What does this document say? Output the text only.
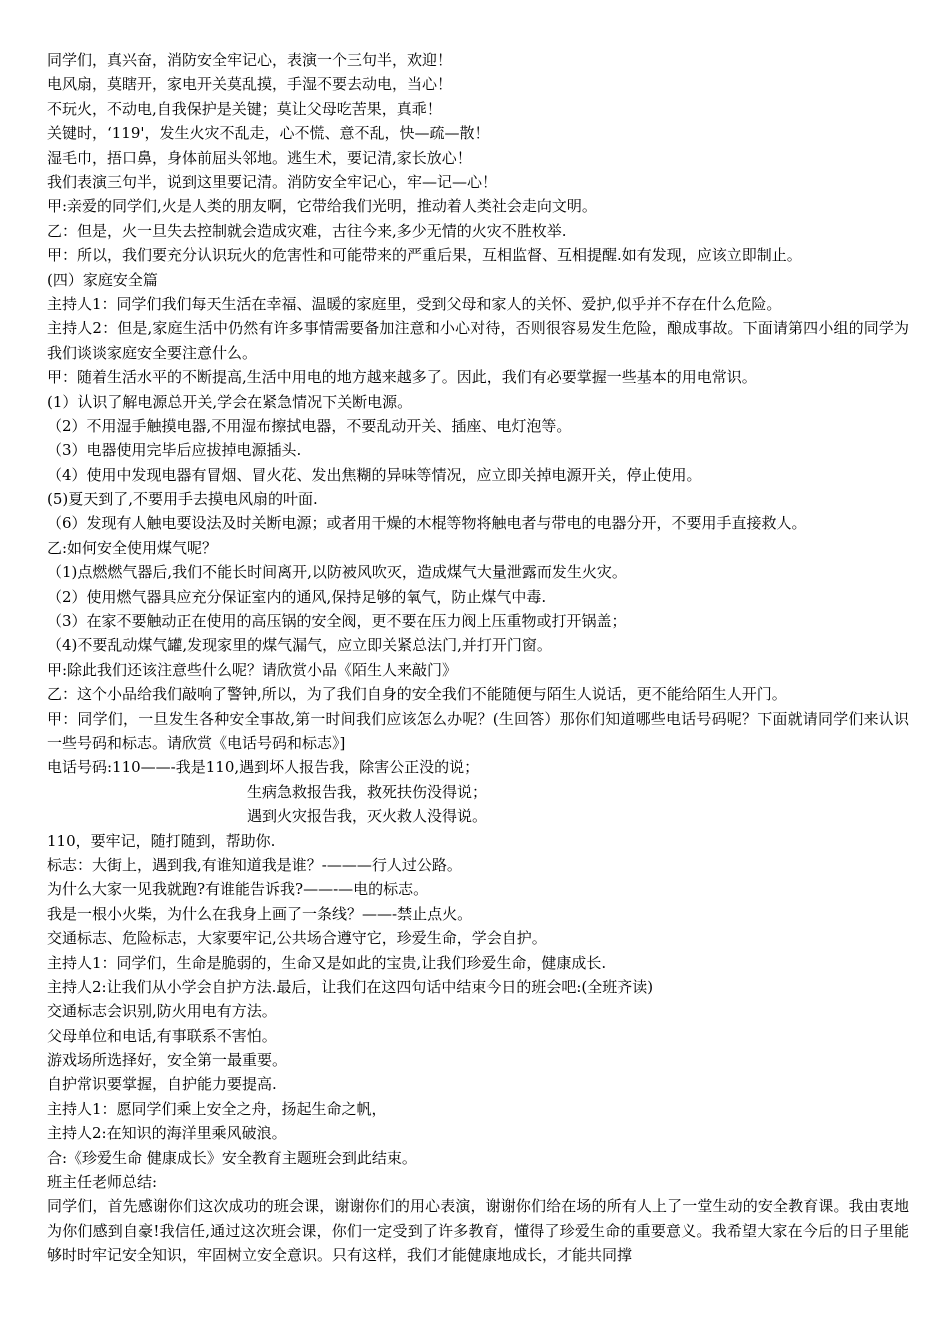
同学们，真兴奋，消防安全牢记心，表演一个三句半，欢迎！
电风扇，莫瞎开，家电开关莫乱摸，手湿不要去动电，当心！
不玩火，不动电,自我保护是关键；莫让父母吃苦果，真乖！
关键时，‘119'，发生火灾不乱走，心不慌、意不乱，快—疏—散！
湿毛巾，捂口鼻，身体前屈头邻地。逃生术，要记清,家长放心！
我们表演三句半，说到这里要记清。消防安全牢记心，牢—记—心！
甲:亲爱的同学们,火是人类的朋友啊，它带给我们光明，推动着人类社会走向文明。
乙：但是，火一旦失去控制就会造成灾难，古往今来,多少无情的火灾不胜枚举.
甲：所以，我们要充分认识玩火的危害性和可能带来的严重后果，互相监督、互相提醒.如有发现，应该立即制止。
(四）家庭安全篇
主持人1：同学们我们每天生活在幸福、温暖的家庭里，受到父母和家人的关怀、爱护,似乎并不存在什么危险。
主持人2：但是,家庭生活中仍然有许多事情需要备加注意和小心对待，否则很容易发生危险，酿成事故。下面请第四小组的同学为我们谈谈家庭安全要注意什么。
甲：随着生活水平的不断提高,生活中用电的地方越来越多了。因此，我们有必要掌握一些基本的用电常识。
(1）认识了解电源总开关,学会在紧急情况下关断电源。
（2）不用湿手触摸电器,不用湿布擦拭电器，不要乱动开关、插座、电灯泡等。
（3）电器使用完毕后应拔掉电源插头.
（4）使用中发现电器有冒烟、冒火花、发出焦糊的异味等情况，应立即关掉电源开关，停止使用。
(5)夏天到了,不要用手去摸电风扇的叶面.
（6）发现有人触电要设法及时关断电源；或者用干燥的木棍等物将触电者与带电的电器分开，不要用手直接救人。
乙:如何安全使用煤气呢？
（1)点燃燃气器后,我们不能长时间离开,以防被风吹灭，造成煤气大量泄露而发生火灾。
（2）使用燃气器具应充分保证室内的通风,保持足够的氧气，防止煤气中毒.
（3）在家不要触动正在使用的高压锅的安全阀，更不要在压力阀上压重物或打开锅盖；
（4)不要乱动煤气罐,发现家里的煤气漏气，应立即关紧总法门,并打开门窗。
甲:除此我们还该注意些什么呢？请欣赏小品《陌生人来敲门》
乙：这个小品给我们敲响了警钟,所以，为了我们自身的安全我们不能随便与陌生人说话，更不能给陌生人开门。
甲：同学们，一旦发生各种安全事故,第一时间我们应该怎么办呢？(生回答）那你们知道哪些电话号码呢？下面就请同学们来认识一些号码和标志。请欣赏《电话号码和标志》]
电话号码:110——-我是110,遇到坏人报告我，除害公正没的说；
生病急救报告我，救死扶伤没得说；
遇到火灾报告我，灭火救人没得说。
110，要牢记，随打随到，帮助你.
标志：大街上，遇到我,有谁知道我是谁？-———行人过公路。
为什么大家一见我就跑?有谁能告诉我?——-—电的标志。
我是一根小火柴，为什么在我身上画了一条线？——-禁止点火。
交通标志、危险标志，大家要牢记,公共场合遵守它，珍爱生命，学会自护。
主持人1：同学们，生命是脆弱的，生命又是如此的宝贵,让我们珍爱生命，健康成长.
主持人2:让我们从小学会自护方法.最后，让我们在这四句话中结束今日的班会吧:(全班齐读)
交通标志会识别,防火用电有方法。
父母单位和电话,有事联系不害怕。
游戏场所选择好，安全第一最重要。
自护常识要掌握，自护能力要提高.
主持人1：愿同学们乘上安全之舟，扬起生命之帆，
主持人2:在知识的海洋里乘风破浪。
合:《珍爱生命 健康成长》安全教育主题班会到此结束。
班主任老师总结:
同学们，首先感谢你们这次成功的班会课，谢谢你们的用心表演，谢谢你们给在场的所有人上了一堂生动的安全教育课。我由衷地为你们感到自豪!我信任,通过这次班会课，你们一定受到了许多教育，懂得了珍爱生命的重要意义。我希望大家在今后的日子里能够时时牢记安全知识，牢固树立安全意识。只有这样，我们才能健康地成长，才能共同撑
